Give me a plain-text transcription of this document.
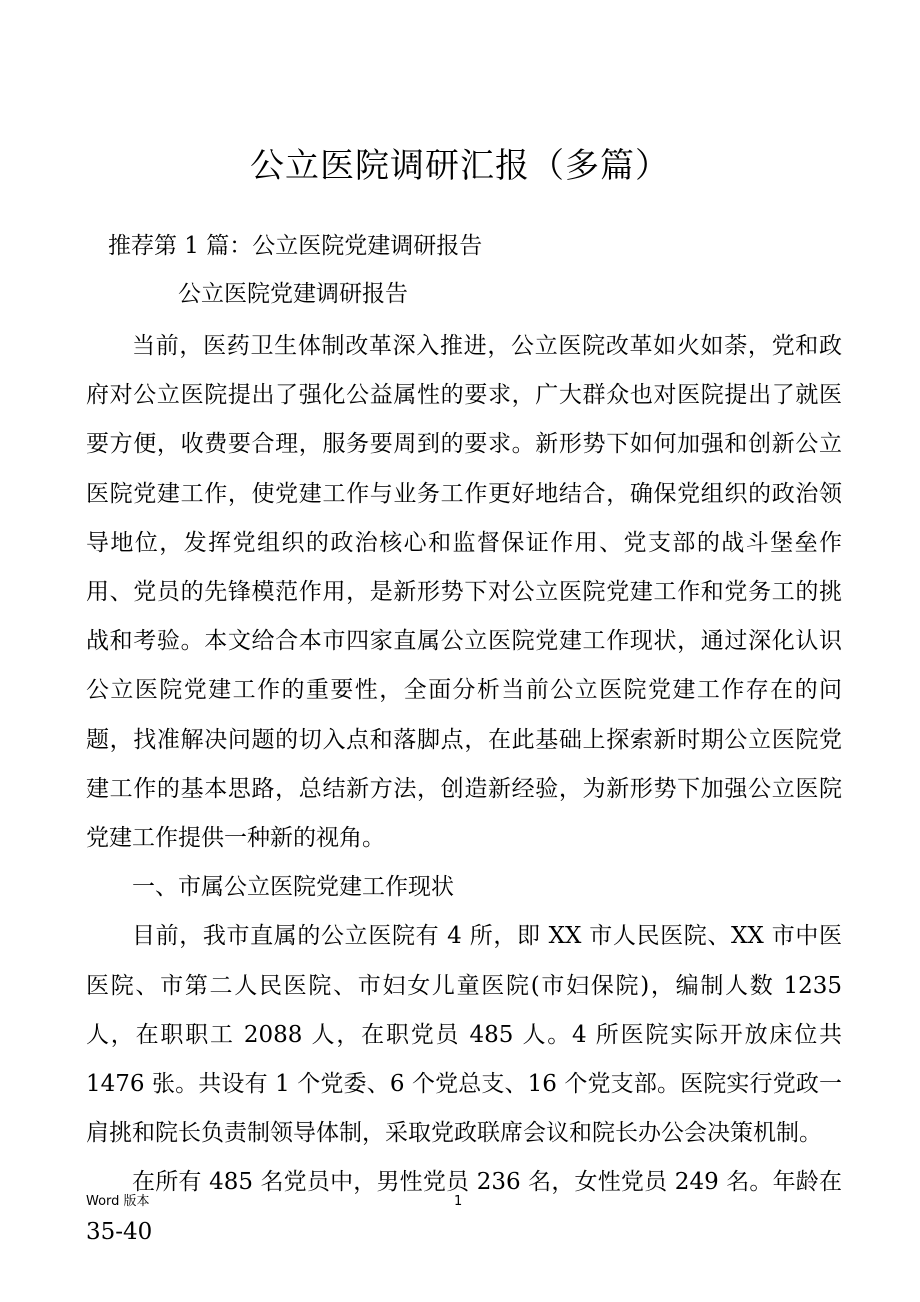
公立医院调研汇报（多篇）
推荐第 1 篇：公立医院党建调研报告
公立医院党建调研报告

当前，医药卫生体制改革深入推进，公立医院改革如火如荼，党和政府对公立医院提出了强化公益属性的要求，广大群众也对医院提出了就医要方便，收费要合理，服务要周到的要求。新形势下如何加强和创新公立医院党建工作，使党建工作与业务工作更好地结合，确保党组织的政治领导地位，发挥党组织的政治核心和监督保证作用、党支部的战斗堡垒作用、党员的先锋模范作用，是新形势下对公立医院党建工作和党务工的挑战和考验。本文给合本市四家直属公立医院党建工作现状，通过深化认识公立医院党建工作的重要性，全面分析当前公立医院党建工作存在的问题，找准解决问题的切入点和落脚点，在此基础上探索新时期公立医院党建工作的基本思路，总结新方法，创造新经验，为新形势下加强公立医院党建工作提供一种新的视角。

一、市属公立医院党建工作现状

目前，我市直属的公立医院有 4 所，即 XX 市人民医院、XX 市中医医院、市第二人民医院、市妇女儿童医院(市妇保院)，编制人数 1235 人，在职职工 2088 人，在职党员 485 人。4 所医院实际开放床位共 1476 张。共设有 1 个党委、6 个党总支、16 个党支部。医院实行党政一肩挑和院长负责制领导体制，采取党政联席会议和院长办公会决策机制。

在所有 485 名党员中，男性党员 236 名，女性党员 249 名。年龄在 35-40

Word 版本	1
